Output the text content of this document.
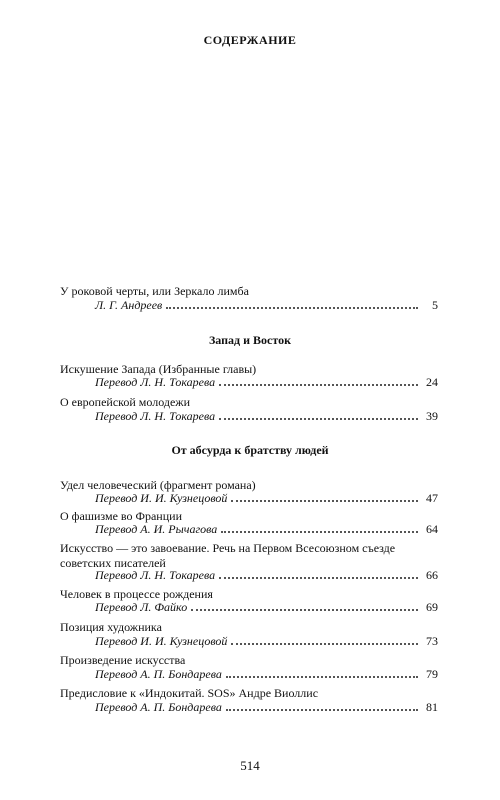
СОДЕРЖАНИЕ
У роковой черты, или Зеркало лимба
Л. Г. Андреев	5
Запад и Восток
Искушение Запада (Избранные главы)
Перевод Л. Н. Токарева	24
О европейской молодежи
Перевод Л. Н. Токарева	39
От абсурда к братству людей
Удел человеческий (фрагмент романа)
Перевод И. И. Кузнецовой	47
О фашизме во Франции
Перевод А. И. Рычагова	64
Искусство — это завоевание. Речь на Первом Всесоюзном съезде советских писателей
Перевод Л. Н. Токарева	66
Человек в процессе рождения
Перевод Л. Файко	69
Позиция художника
Перевод И. И. Кузнецовой	73
Произведение искусства
Перевод А. П. Бондарева	79
Предисловие к «Индокитай. SOS» Андре Виоллис
Перевод А. П. Бондарева	81
514
